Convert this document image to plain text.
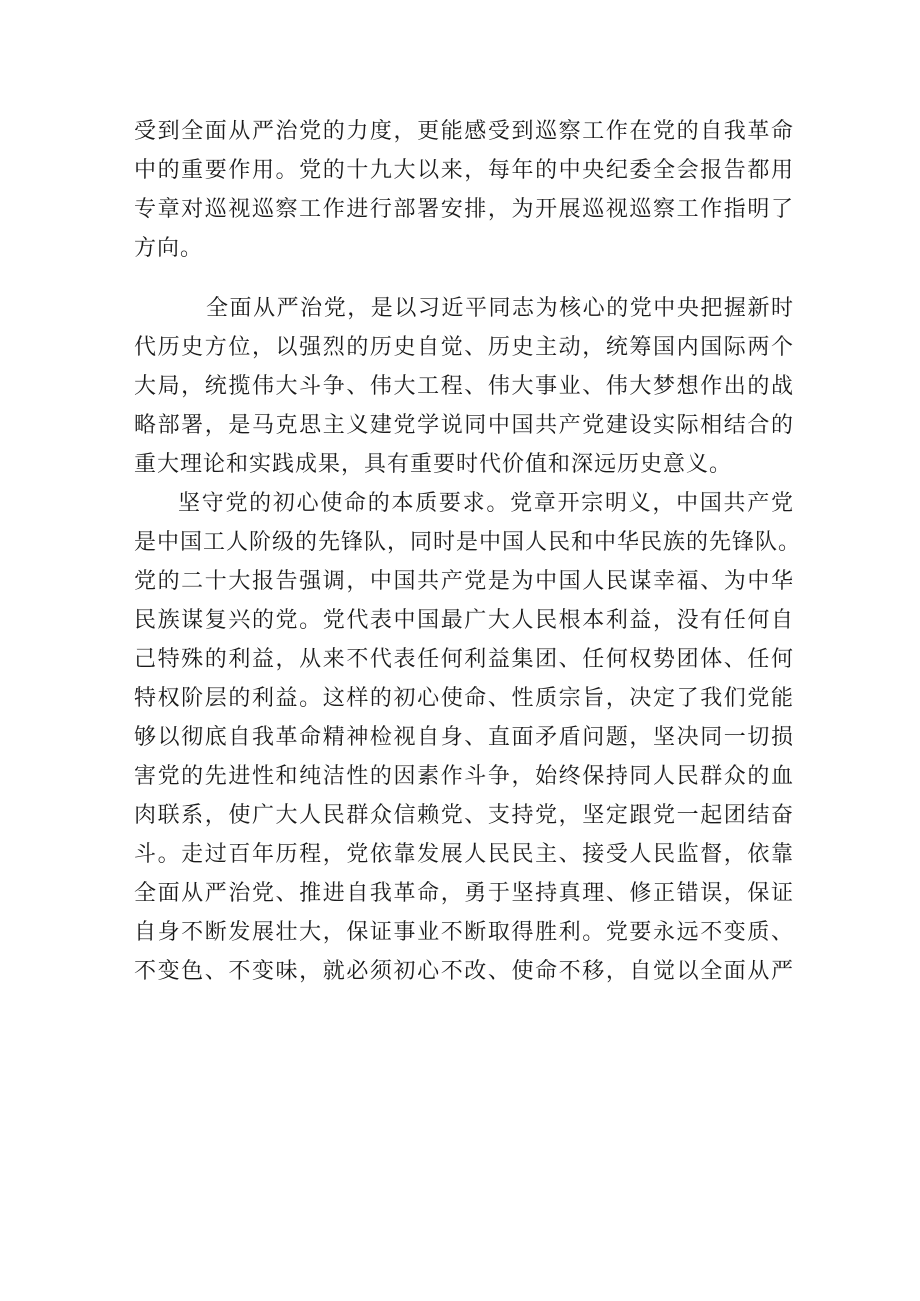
受到全面从严治党的力度，更能感受到巡察工作在党的自我革命
中的重要作用。党的十九大以来，每年的中央纪委全会报告都用
专章对巡视巡察工作进行部署安排，为开展巡视巡察工作指明了
方向。
全面从严治党，是以习近平同志为核心的党中央把握新时
代历史方位，以强烈的历史自觉、历史主动，统筹国内国际两个
大局，统揽伟大斗争、伟大工程、伟大事业、伟大梦想作出的战
略部署，是马克思主义建党学说同中国共产党建设实际相结合的
重大理论和实践成果，具有重要时代价值和深远历史意义。
坚守党的初心使命的本质要求。党章开宗明义，中国共产党
是中国工人阶级的先锋队，同时是中国人民和中华民族的先锋队。
党的二十大报告强调，中国共产党是为中国人民谋幸福、为中华
民族谋复兴的党。党代表中国最广大人民根本利益，没有任何自
己特殊的利益，从来不代表任何利益集团、任何权势团体、任何
特权阶层的利益。这样的初心使命、性质宗旨，决定了我们党能
够以彻底自我革命精神检视自身、直面矛盾问题，坚决同一切损
害党的先进性和纯洁性的因素作斗争，始终保持同人民群众的血
肉联系，使广大人民群众信赖党、支持党，坚定跟党一起团结奋
斗。走过百年历程，党依靠发展人民民主、接受人民监督，依靠
全面从严治党、推进自我革命，勇于坚持真理、修正错误，保证
自身不断发展壮大，保证事业不断取得胜利。党要永远不变质、
不变色、不变味，就必须初心不改、使命不移，自觉以全面从严
